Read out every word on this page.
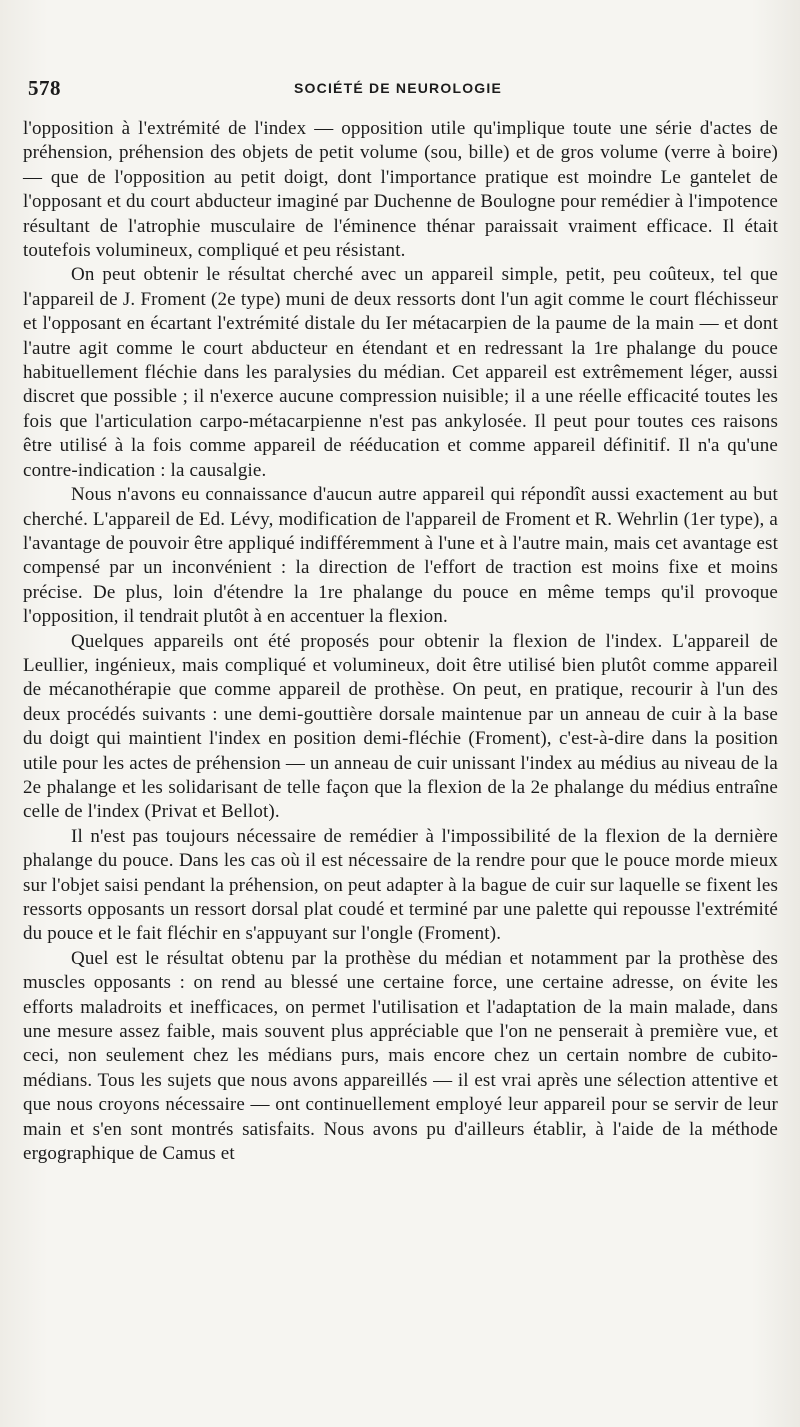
578	SOCIÉTÉ DE NEUROLOGIE

l'opposition à l'extrémité de l'index — opposition utile qu'implique toute une série d'actes de préhension, préhension des objets de petit volume (sou, bille) et de gros volume (verre à boire) — que de l'opposition au petit doigt, dont l'importance pratique est moindre Le gantelet de l'opposant et du court abducteur imaginé par Duchenne de Boulogne pour remédier à l'impotence résultant de l'atrophie musculaire de l'éminence thénar paraissait vraiment efficace. Il était toutefois volumineux, compliqué et peu résistant.

On peut obtenir le résultat cherché avec un appareil simple, petit, peu coûteux, tel que l'appareil de J. Froment (2e type) muni de deux ressorts dont l'un agit comme le court fléchisseur et l'opposant en écartant l'extrémité distale du Ier métacarpien de la paume de la main — et dont l'autre agit comme le court abducteur en étendant et en redressant la 1re phalange du pouce habituellement fléchie dans les paralysies du médian. Cet appareil est extrêmement léger, aussi discret que possible ; il n'exerce aucune compression nuisible; il a une réelle efficacité toutes les fois que l'articulation carpo-métacarpienne n'est pas ankylosée. Il peut pour toutes ces raisons être utilisé à la fois comme appareil de rééducation et comme appareil définitif. Il n'a qu'une contre-indication : la causalgie.

Nous n'avons eu connaissance d'aucun autre appareil qui répondît aussi exactement au but cherché. L'appareil de Ed. Lévy, modification de l'appareil de Froment et R. Wehrlin (1er type), a l'avantage de pouvoir être appliqué indifféremment à l'une et à l'autre main, mais cet avantage est compensé par un inconvénient : la direction de l'effort de traction est moins fixe et moins précise. De plus, loin d'étendre la 1re phalange du pouce en même temps qu'il provoque l'opposition, il tendrait plutôt à en accentuer la flexion.

Quelques appareils ont été proposés pour obtenir la flexion de l'index. L'appareil de Leullier, ingénieux, mais compliqué et volumineux, doit être utilisé bien plutôt comme appareil de mécanothérapie que comme appareil de prothèse. On peut, en pratique, recourir à l'un des deux procédés suivants : une demi-gouttière dorsale maintenue par un anneau de cuir à la base du doigt qui maintient l'index en position demi-fléchie (Froment), c'est-à-dire dans la position utile pour les actes de préhension — un anneau de cuir unissant l'index au médius au niveau de la 2e phalange et les solidarisant de telle façon que la flexion de la 2e phalange du médius entraîne celle de l'index (Privat et Bellot).

Il n'est pas toujours nécessaire de remédier à l'impossibilité de la flexion de la dernière phalange du pouce. Dans les cas où il est nécessaire de la rendre pour que le pouce morde mieux sur l'objet saisi pendant la préhension, on peut adapter à la bague de cuir sur laquelle se fixent les ressorts opposants un ressort dorsal plat coudé et terminé par une palette qui repousse l'extrémité du pouce et le fait fléchir en s'appuyant sur l'ongle (Froment).

Quel est le résultat obtenu par la prothèse du médian et notamment par la prothèse des muscles opposants : on rend au blessé une certaine force, une certaine adresse, on évite les efforts maladroits et inefficaces, on permet l'utilisation et l'adaptation de la main malade, dans une mesure assez faible, mais souvent plus appréciable que l'on ne penserait à première vue, et ceci, non seulement chez les médians purs, mais encore chez un certain nombre de cubito-médians. Tous les sujets que nous avons appareillés — il est vrai après une sélection attentive et que nous croyons nécessaire — ont continuellement employé leur appareil pour se servir de leur main et s'en sont montrés satisfaits. Nous avons pu d'ailleurs établir, à l'aide de la méthode ergographique de Camus et
